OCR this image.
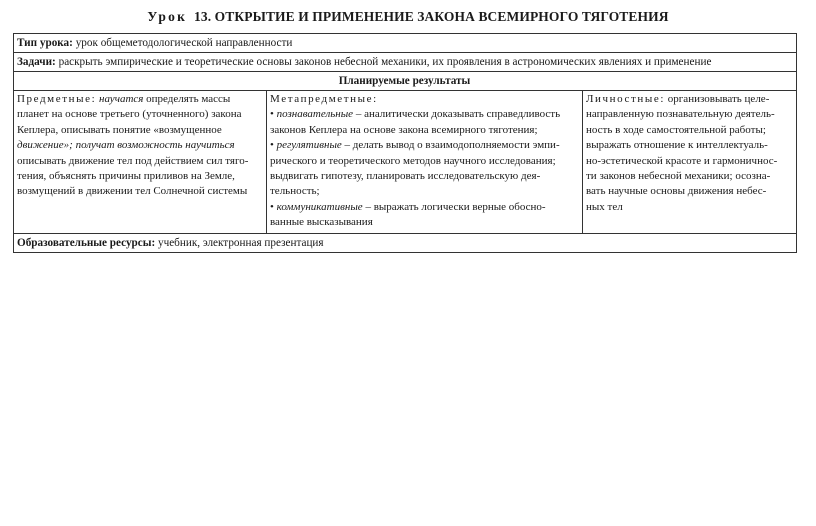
Урок 13. ОТКРЫТИЕ И ПРИМЕНЕНИЕ ЗАКОНА ВСЕМИРНОГО ТЯГОТЕНИЯ
Тип урока: урок общеметодологической направленности
Задачи: раскрыть эмпирические и теоретические основы законов небесной механики, их проявления в астрономических явлениях и применение
Планируемые результаты
Предметные: научатся определять массы
планет на основе третьего (уточненного) закона
Кеплера, описывать понятие «возмущенное
движение»; получат возможность научиться
описывать движение тел под действием сил тяго-
тения, объяснять причины приливов на Земле,
возмущений в движении тел Солнечной системы
Метапредметные:
• познавательные – аналитически доказывать справедливость
законов Кеплера на основе закона всемирного тяготения;
• регулятивные – делать вывод о взаимодополняемости эмпи-
рического и теоретического методов научного исследования;
выдвигать гипотезу, планировать исследовательскую дея-
тельность;
• коммуникативные – выражать логически верные обосно-
ванные высказывания
Личностные: организовывать целе-
направленную познавательную деятель-
ность в ходе самостоятельной работы;
выражать отношение к интеллектуаль-
но-эстетической красоте и гармоничнос-
ти законов небесной механики; осозна-
вать научные основы движения небес-
ных тел
Образовательные ресурсы: учебник, электронная презентация
